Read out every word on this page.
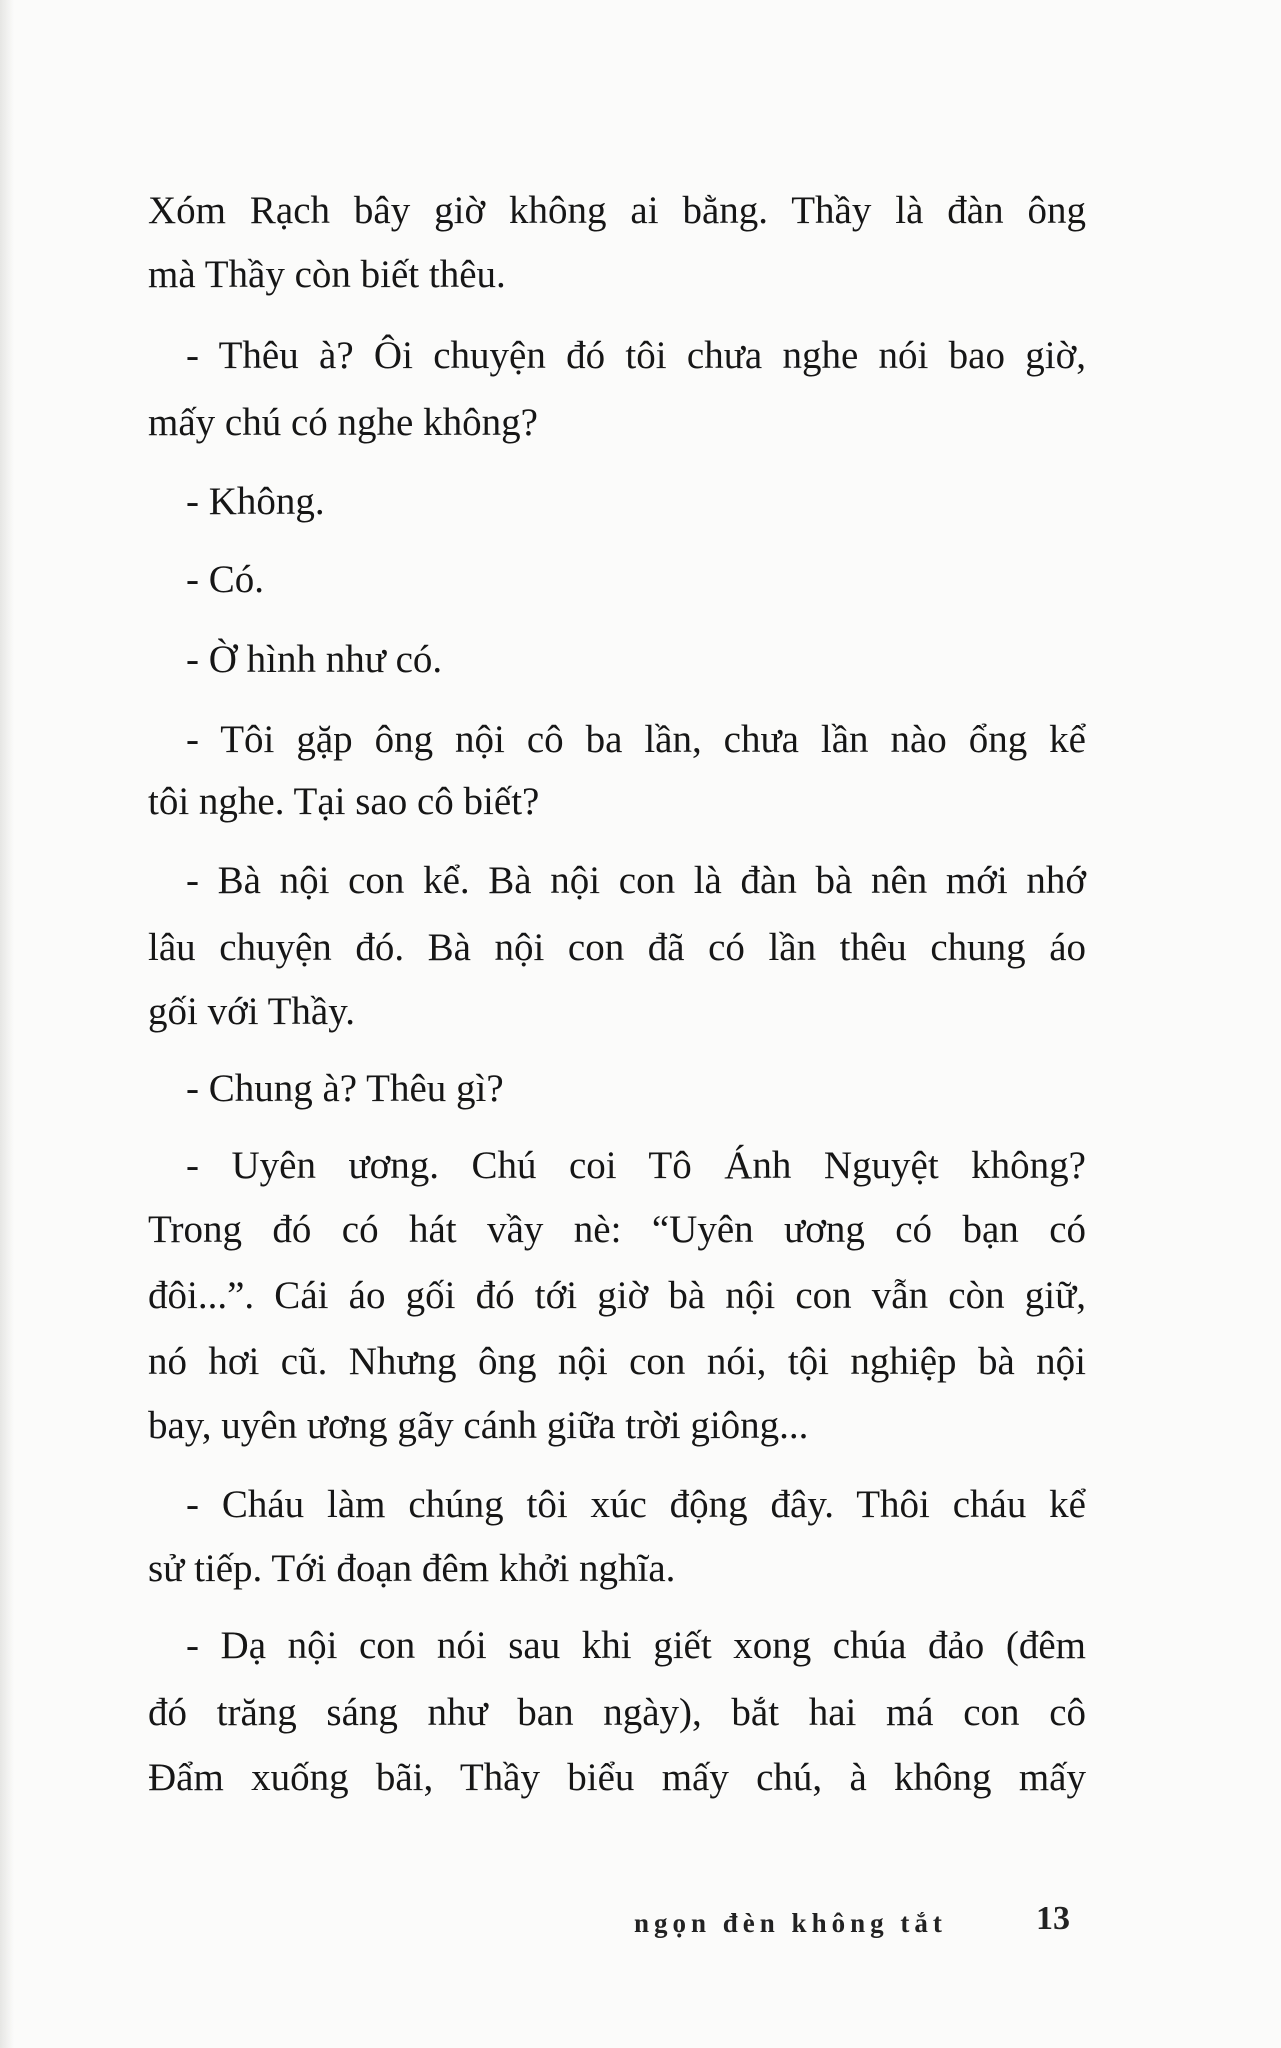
Xóm Rạch bây giờ không ai bằng. Thầy là đàn ông
mà Thầy còn biết thêu.
- Thêu à? Ôi chuyện đó tôi chưa nghe nói bao giờ,
mấy chú có nghe không?
- Không.
- Có.
- Ờ hình như có.
- Tôi gặp ông nội cô ba lần, chưa lần nào ổng kể
tôi nghe. Tại sao cô biết?
- Bà nội con kể. Bà nội con là đàn bà nên mới nhớ
lâu chuyện đó. Bà nội con đã có lần thêu chung áo
gối với Thầy.
- Chung à? Thêu gì?
- Uyên ương. Chú coi Tô Ánh Nguyệt không?
Trong đó có hát vầy nè: “Uyên ương có bạn có
đôi...”. Cái áo gối đó tới giờ bà nội con vẫn còn giữ,
nó hơi cũ. Nhưng ông nội con nói, tội nghiệp bà nội
bay, uyên ương gãy cánh giữa trời giông...
- Cháu làm chúng tôi xúc động đây. Thôi cháu kể
sử tiếp. Tới đoạn đêm khởi nghĩa.
- Dạ nội con nói sau khi giết xong chúa đảo (đêm
đó trăng sáng như ban ngày), bắt hai má con cô
Đẩm xuống bãi, Thầy biểu mấy chú, à không mấy
ngọn đèn không tắt	13
